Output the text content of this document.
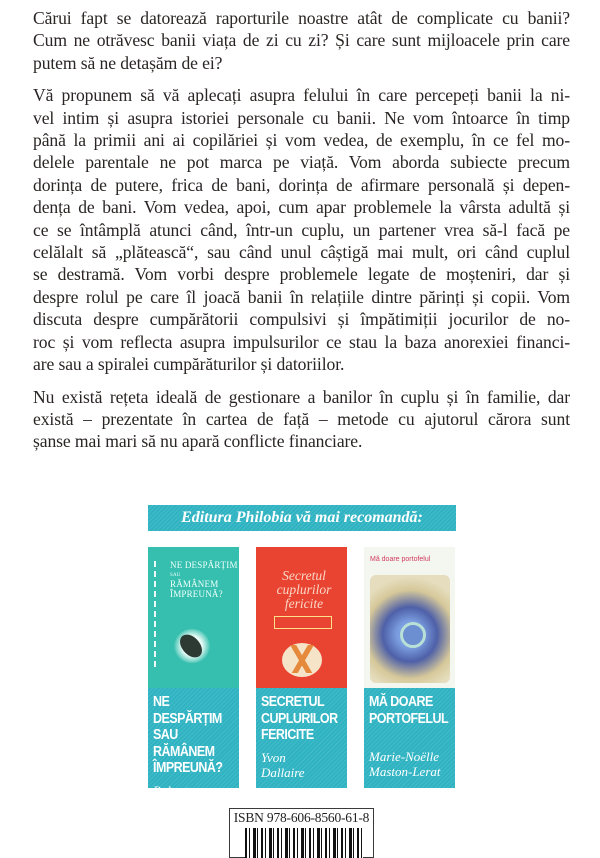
Cărui fapt se datorează raporturile noastre atât de complicate cu banii?
Cum ne otrăvesc banii viața de zi cu zi? Și care sunt mijloacele prin care
putem să ne detașăm de ei?

Vă propunem să vă aplecați asupra felului în care percepeți banii la ni-
vel intim și asupra istoriei personale cu banii. Ne vom întoarce în timp
până la primii ani ai copilăriei și vom vedea, de exemplu, în ce fel mo-
delele parentale ne pot marca pe viață. Vom aborda subiecte precum
dorința de putere, frica de bani, dorința de afirmare personală și depen-
dența de bani. Vom vedea, apoi, cum apar problemele la vârsta adultă și
ce se întâmplă atunci când, într-un cuplu, un partener vrea să-l facă pe
celălalt să „plătească“, sau când unul câștigă mai mult, ori când cuplul
se destramă. Vom vorbi despre problemele legate de moșteniri, dar și
despre rolul pe care îl joacă banii în relațiile dintre părinți și copii. Vom
discuta despre cumpărătorii compulsivi și împătimiții jocurilor de no-
roc și vom reflecta asupra impulsurilor ce stau la baza anorexiei financi-
are sau a spiralei cumpărăturilor și datoriilor.

Nu există rețeta ideală de gestionare a banilor în cuplu și în familie, dar
există – prezentate în cartea de față – metode cu ajutorul cărora sunt
șanse mai mari să nu apară conflicte financiare.

Editura Philobia vă mai recomandă:
NE DESPĂRȚIM
SAU
RĂMÂNEM
ÎMPREUNĂ?
NE DESPĂRȚIM
SAU RĂMÂNEM
ÎMPREUNĂ?
Robert
Neuburger
Secretul
cuplurilor
fericite
SECRETUL
CUPLURILOR
FERICITE
Yvon
Dallaire

Mă doare portofelul

MĂ DOARE
PORTOFELUL
Marie-Noëlle
Maston-Lerat
ISBN 978-606-8560-61-8
